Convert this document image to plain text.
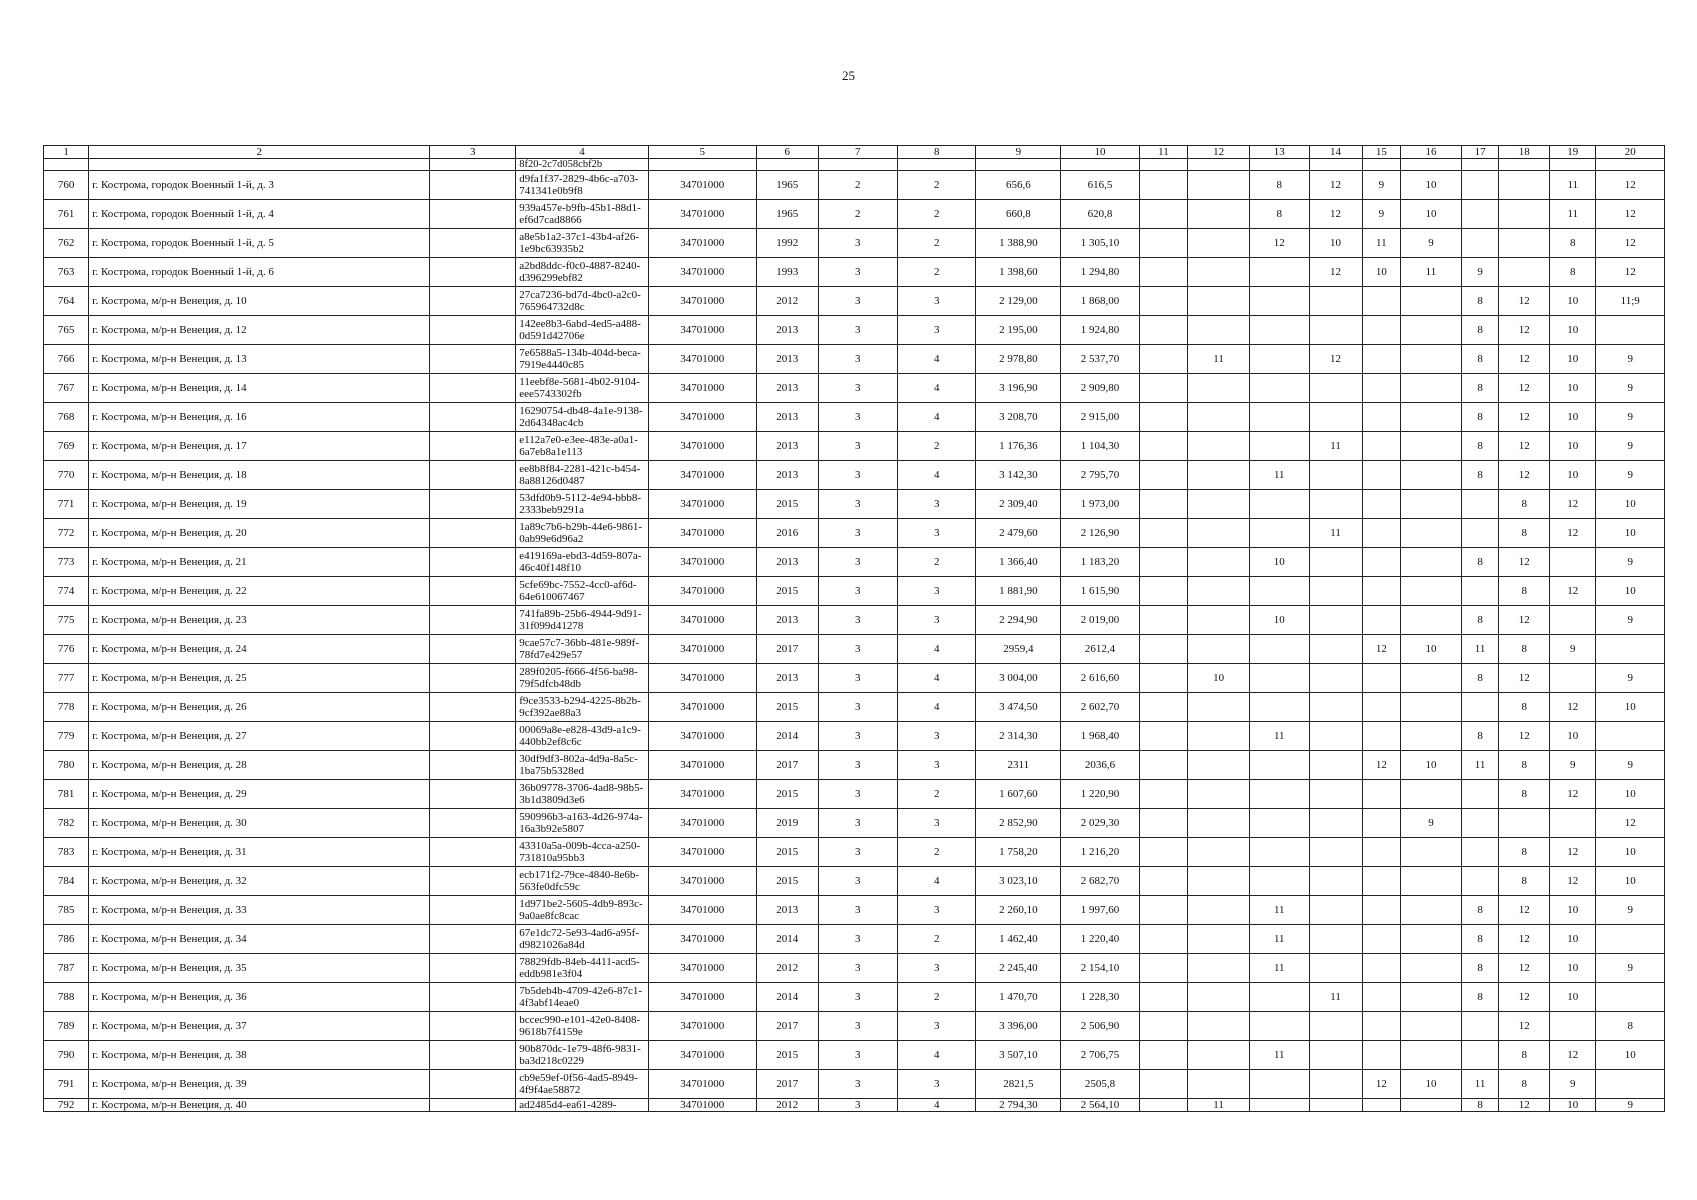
25
1	2	3	4	5	6	7	8	9	10	11	12	13	14	15	16	17	18	19	20
			8f20-2c7d058cbf2b																
760	г. Кострома, городок Военный 1-й, д. 3		d9fa1f37-2829-4b6c-a703-741341e0b9f8	34701000	1965	2	2	656,6	616,5			8	12	9	10			11	12
761	г. Кострома, городок Военный 1-й, д. 4		939a457e-b9fb-45b1-88d1-ef6d7cad8866	34701000	1965	2	2	660,8	620,8			8	12	9	10			11	12
762	г. Кострома, городок Военный 1-й, д. 5		a8e5b1a2-37c1-43b4-af26-1e9bc63935b2	34701000	1992	3	2	1 388,90	1 305,10			12	10	11	9			8	12
763	г. Кострома, городок Военный 1-й, д. 6		a2bd8ddc-f0c0-4887-8240-d396299ebf82	34701000	1993	3	2	1 398,60	1 294,80				12	10	11	9		8	12
764	г. Кострома, м/р-н Венеция, д. 10		27ca7236-bd7d-4bc0-a2c0-765964732d8c	34701000	2012	3	3	2 129,00	1 868,00							8	12	10	11;9
765	г. Кострома, м/р-н Венеция, д. 12		142ee8b3-6abd-4ed5-a488-0d591d42706e	34701000	2013	3	3	2 195,00	1 924,80							8	12	10	
766	г. Кострома, м/р-н Венеция, д. 13		7e6588a5-134b-404d-beca-7919e4440c85	34701000	2013	3	4	2 978,80	2 537,70		11		12			8	12	10	9
767	г. Кострома, м/р-н Венеция, д. 14		11eebf8e-5681-4b02-9104-eee5743302fb	34701000	2013	3	4	3 196,90	2 909,80							8	12	10	9
768	г. Кострома, м/р-н Венеция, д. 16		16290754-db48-4a1e-9138-2d64348ac4cb	34701000	2013	3	4	3 208,70	2 915,00							8	12	10	9
769	г. Кострома, м/р-н Венеция, д. 17		e112a7e0-e3ee-483e-a0a1-6a7eb8a1e113	34701000	2013	3	2	1 176,36	1 104,30				11			8	12	10	9
770	г. Кострома, м/р-н Венеция, д. 18		ee8b8f84-2281-421c-b454-8a88126d0487	34701000	2013	3	4	3 142,30	2 795,70			11				8	12	10	9
771	г. Кострома, м/р-н Венеция, д. 19		53dfd0b9-5112-4e94-bbb8-2333beb9291a	34701000	2015	3	3	2 309,40	1 973,00								8	12	10
772	г. Кострома, м/р-н Венеция, д. 20		1a89c7b6-b29b-44e6-9861-0ab99e6d96a2	34701000	2016	3	3	2 479,60	2 126,90				11				8	12	10
773	г. Кострома, м/р-н Венеция, д. 21		e419169a-ebd3-4d59-807a-46c40f148f10	34701000	2013	3	2	1 366,40	1 183,20			10				8	12		9
774	г. Кострома, м/р-н Венеция, д. 22		5cfe69bc-7552-4cc0-af6d-64e610067467	34701000	2015	3	3	1 881,90	1 615,90								8	12	10
775	г. Кострома, м/р-н Венеция, д. 23		741fa89b-25b6-4944-9d91-31f099d41278	34701000	2013	3	3	2 294,90	2 019,00			10				8	12		9
776	г. Кострома, м/р-н Венеция, д. 24		9cae57c7-36bb-481e-989f-78fd7e429e57	34701000	2017	3	4	2959,4	2612,4					12	10	11	8	9	
777	г. Кострома, м/р-н Венеция, д. 25		289f0205-f666-4f56-ba98-79f5dfcb48db	34701000	2013	3	4	3 004,00	2 616,60		10					8	12		9
778	г. Кострома, м/р-н Венеция, д. 26		f9ce3533-b294-4225-8b2b-9cf392ae88a3	34701000	2015	3	4	3 474,50	2 602,70								8	12	10
779	г. Кострома, м/р-н Венеция, д. 27		00069a8e-e828-43d9-a1c9-440bb2ef8c6c	34701000	2014	3	3	2 314,30	1 968,40			11				8	12	10	
780	г. Кострома, м/р-н Венеция, д. 28		30df9df3-802a-4d9a-8a5c-1ba75b5328ed	34701000	2017	3	3	2311	2036,6					12	10	11	8	9	9
781	г. Кострома, м/р-н Венеция, д. 29		36b09778-3706-4ad8-98b5-3b1d3809d3e6	34701000	2015	3	2	1 607,60	1 220,90								8	12	10
782	г. Кострома, м/р-н Венеция, д. 30		590996b3-a163-4d26-974a-16a3b92e5807	34701000	2019	3	3	2 852,90	2 029,30						9				12
783	г. Кострома, м/р-н Венеция, д. 31		43310a5a-009b-4cca-a250-731810a95bb3	34701000	2015	3	2	1 758,20	1 216,20								8	12	10
784	г. Кострома, м/р-н Венеция, д. 32		ecb171f2-79ce-4840-8e6b-563fe0dfc59c	34701000	2015	3	4	3 023,10	2 682,70								8	12	10
785	г. Кострома, м/р-н Венеция, д. 33		1d971be2-5605-4db9-893c-9a0ae8fc8cac	34701000	2013	3	3	2 260,10	1 997,60			11				8	12	10	9
786	г. Кострома, м/р-н Венеция, д. 34		67e1dc72-5e93-4ad6-a95f-d9821026a84d	34701000	2014	3	2	1 462,40	1 220,40			11				8	12	10	
787	г. Кострома, м/р-н Венеция, д. 35		78829fdb-84eb-4411-acd5-eddb981e3f04	34701000	2012	3	3	2 245,40	2 154,10			11				8	12	10	9
788	г. Кострома, м/р-н Венеция, д. 36		7b5deb4b-4709-42e6-87c1-4f3abf14eae0	34701000	2014	3	2	1 470,70	1 228,30				11			8	12	10	
789	г. Кострома, м/р-н Венеция, д. 37		bccec990-e101-42e0-8408-9618b7f4159e	34701000	2017	3	3	3 396,00	2 506,90								12		8
790	г. Кострома, м/р-н Венеция, д. 38		90b870dc-1e79-48f6-9831-ba3d218c0229	34701000	2015	3	4	3 507,10	2 706,75			11					8	12	10
791	г. Кострома, м/р-н Венеция, д. 39		cb9e59ef-0f56-4ad5-8949-4f9f4ae58872	34701000	2017	3	3	2821,5	2505,8					12	10	11	8	9	
792	г. Кострома, м/р-н Венеция, д. 40		ad2485d4-ea61-4289-	34701000	2012	3	4	2 794,30	2 564,10		11					8	12	10	9
